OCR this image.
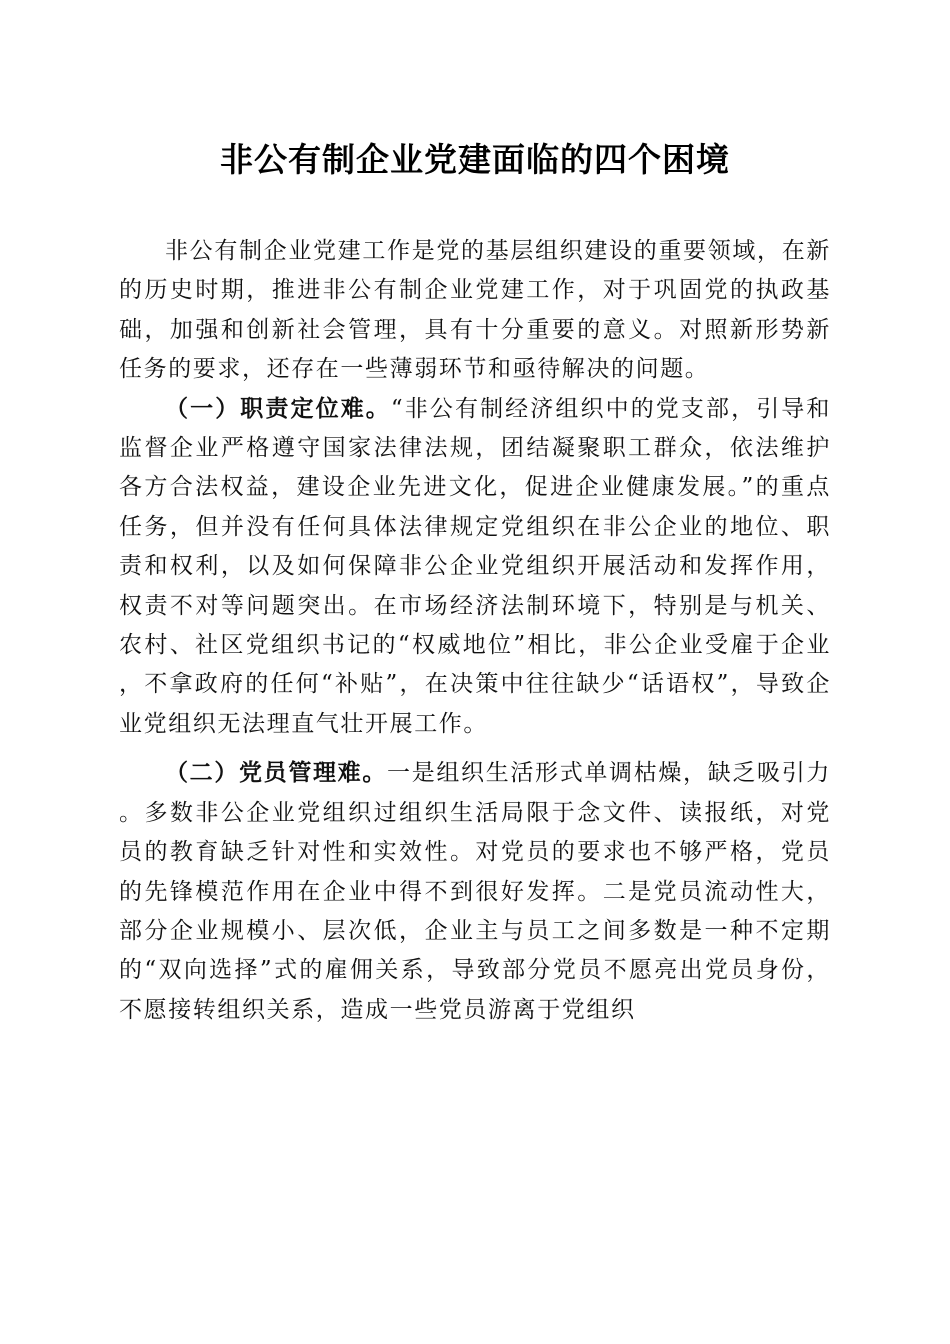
非公有制企业党建面临的四个困境

非公有制企业党建工作是党的基层组织建设的重要领域，在新的历史时期，推进非公有制企业党建工作，对于巩固党的执政基础，加强和创新社会管理，具有十分重要的意义。对照新形势新任务的要求，还存在一些薄弱环节和亟待解决的问题。

（一）职责定位难。“非公有制经济组织中的党支部，引导和监督企业严格遵守国家法律法规，团结凝聚职工群众，依法维护各方合法权益，建设企业先进文化，促进企业健康发展。”的重点任务，但并没有任何具体法律规定党组织在非公企业的地位、职责和权利，以及如何保障非公企业党组织开展活动和发挥作用，权责不对等问题突出。在市场经济法制环境下，特别是与机关、农村、社区党组织书记的“权威地位”相比，非公企业受雇于企业，不拿政府的任何“补贴”，在决策中往往缺少“话语权”，导致企业党组织无法理直气壮开展工作。

（二）党员管理难。一是组织生活形式单调枯燥，缺乏吸引力。多数非公企业党组织过组织生活局限于念文件、读报纸，对党员的教育缺乏针对性和实效性。对党员的要求也不够严格，党员的先锋模范作用在企业中得不到很好发挥。二是党员流动性大，部分企业规模小、层次低，企业主与员工之间多数是一种不定期的“双向选择”式的雇佣关系，导致部分党员不愿亮出党员身份，不愿接转组织关系，造成一些党员游离于党组织
